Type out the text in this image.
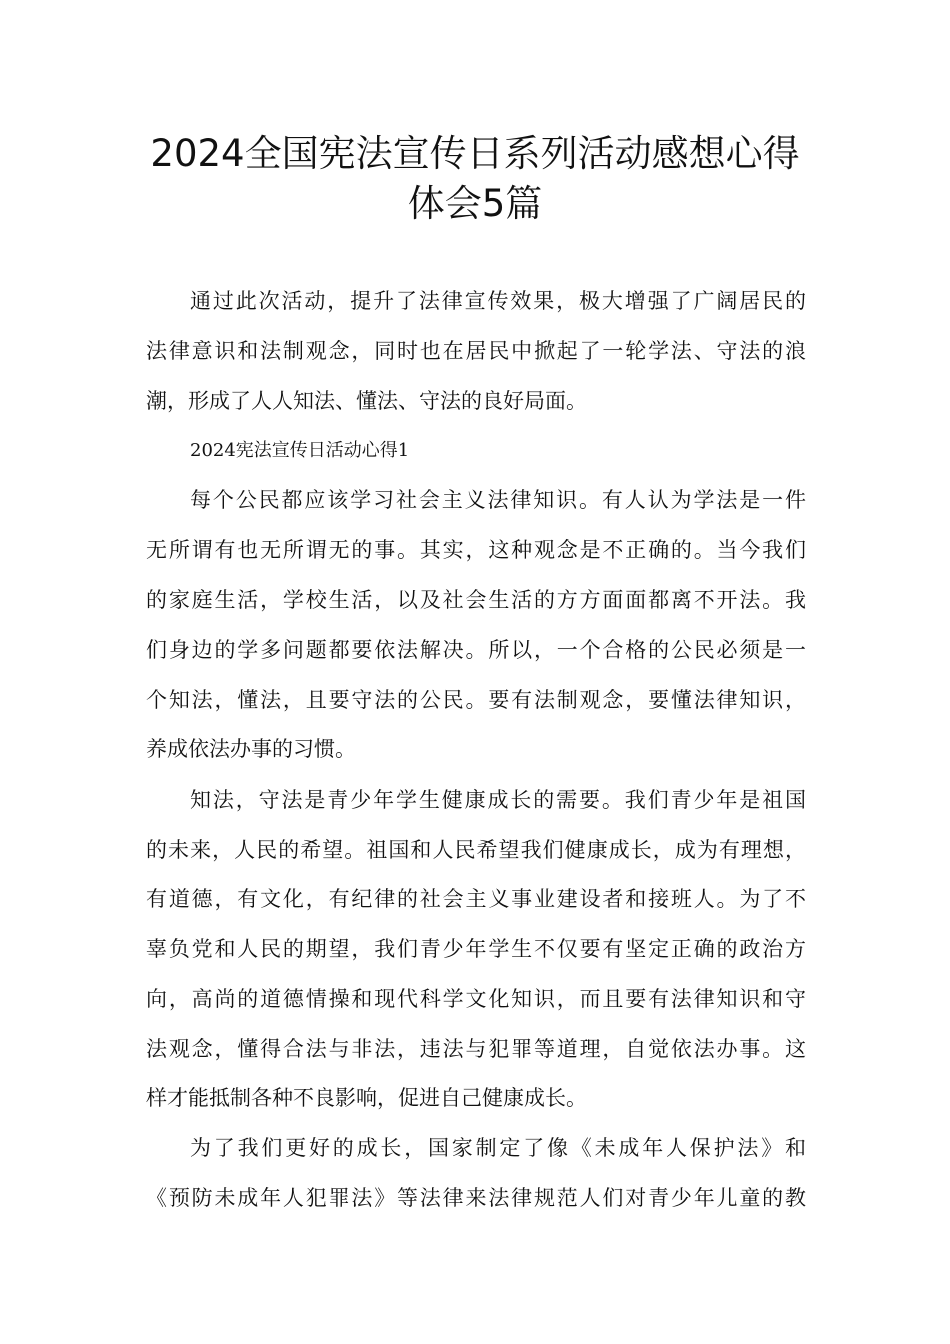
2024全国宪法宣传日系列活动感想心得
体会5篇
通过此次活动，提升了法律宣传效果，极大增强了广阔居民的
法律意识和法制观念，同时也在居民中掀起了一轮学法、守法的浪
潮，形成了人人知法、懂法、守法的良好局面。
2024宪法宣传日活动心得1
每个公民都应该学习社会主义法律知识。有人认为学法是一件
无所谓有也无所谓无的事。其实，这种观念是不正确的。当今我们
的家庭生活，学校生活，以及社会生活的方方面面都离不开法。我
们身边的学多问题都要依法解决。所以，一个合格的公民必须是一
个知法，懂法，且要守法的公民。要有法制观念，要懂法律知识，
养成依法办事的习惯。
知法，守法是青少年学生健康成长的需要。我们青少年是祖国
的未来，人民的希望。祖国和人民希望我们健康成长，成为有理想，
有道德，有文化，有纪律的社会主义事业建设者和接班人。为了不
辜负党和人民的期望，我们青少年学生不仅要有坚定正确的政治方
向，高尚的道德情操和现代科学文化知识，而且要有法律知识和守
法观念，懂得合法与非法，违法与犯罪等道理，自觉依法办事。这
样才能抵制各种不良影响，促进自己健康成长。
为了我们更好的成长，国家制定了像《未成年人保护法》和
《预防未成年人犯罪法》等法律来法律规范人们对青少年儿童的教
